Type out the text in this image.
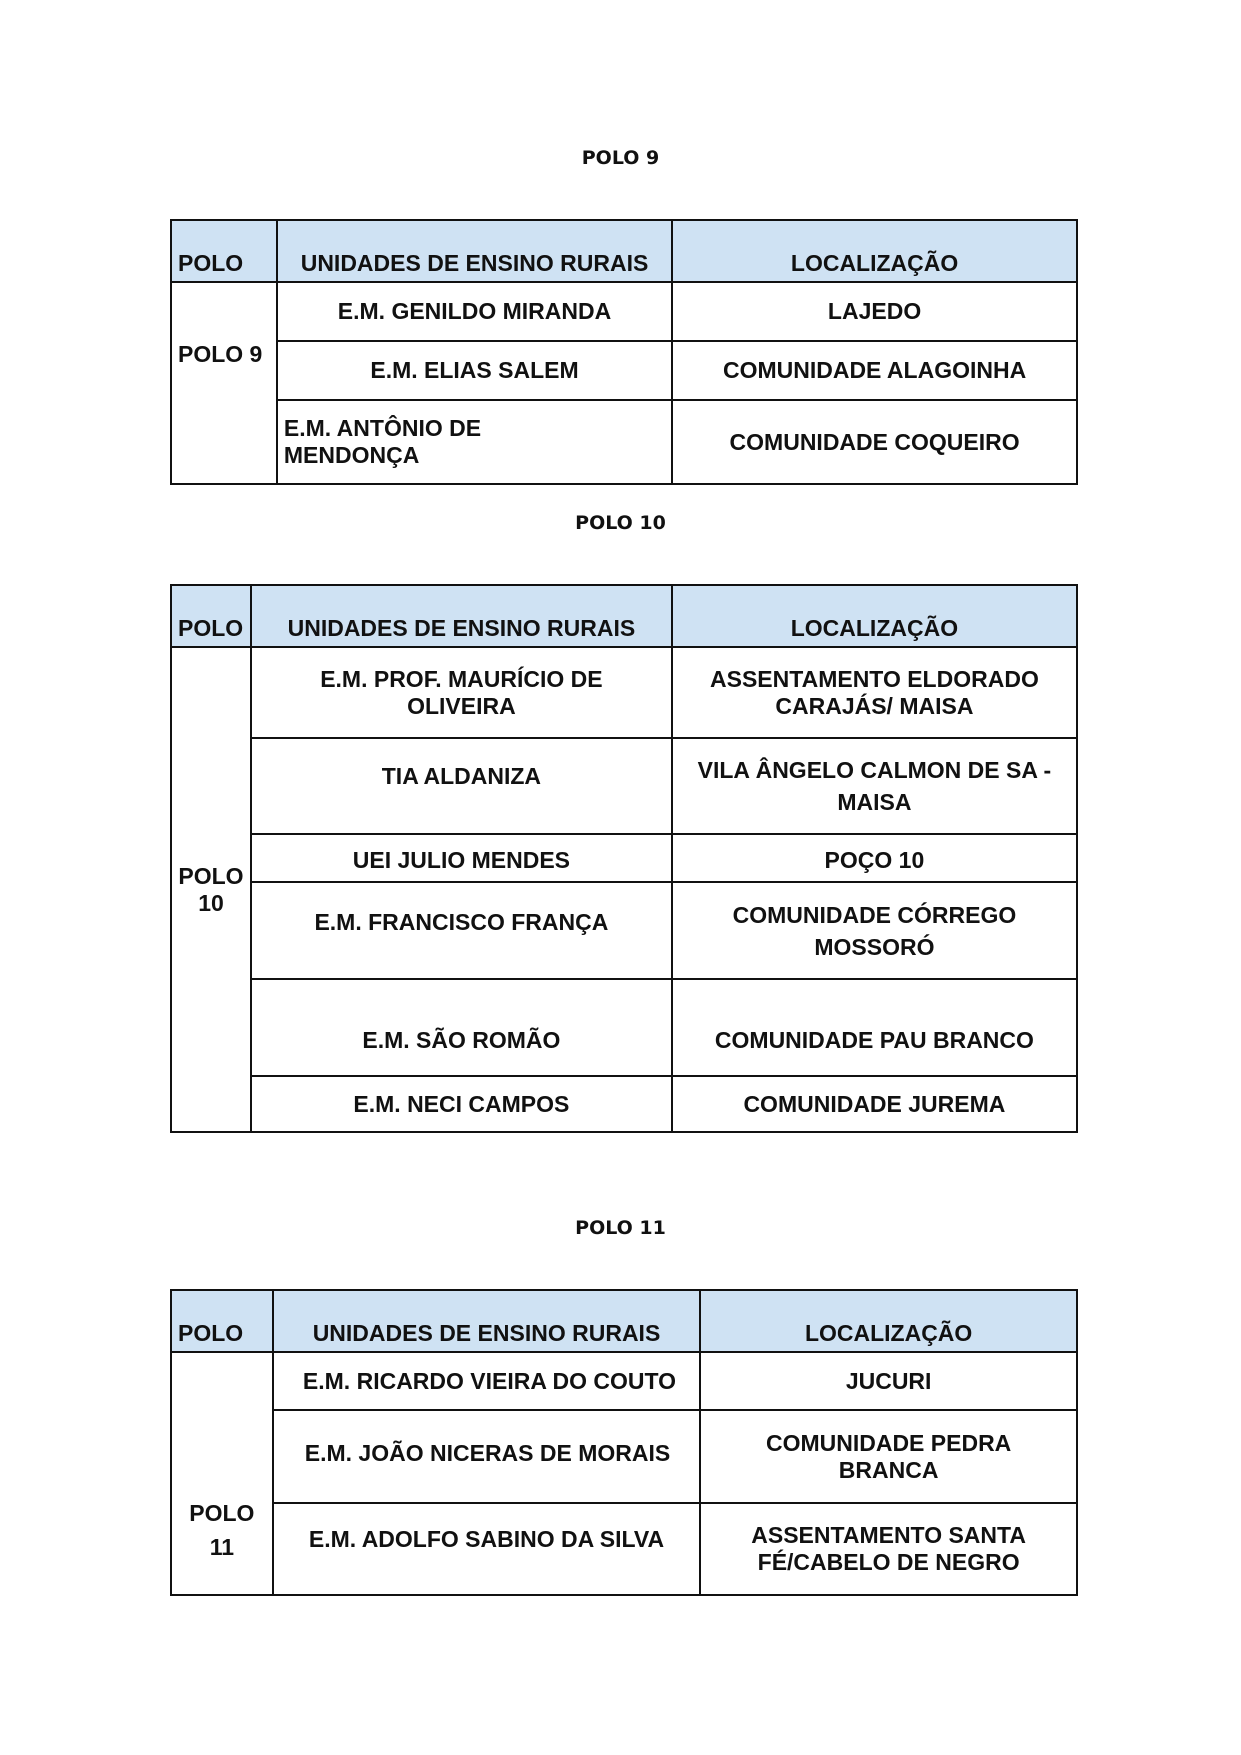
POLO 9
POLO	UNIDADES DE ENSINO RURAIS	LOCALIZAÇÃO
POLO 9	E.M. GENILDO MIRANDA	LAJEDO
	E.M. ELIAS SALEM	COMUNIDADE ALAGOINHA
	E.M. ANTÔNIO DE MENDONÇA	COMUNIDADE COQUEIRO
POLO 10
POLO	UNIDADES DE ENSINO RURAIS	LOCALIZAÇÃO
POLO 10	E.M. PROF. MAURÍCIO DE OLIVEIRA	ASSENTAMENTO ELDORADO CARAJÁS/ MAISA
	TIA ALDANIZA	VILA ÂNGELO CALMON DE SA - MAISA
	UEI JULIO MENDES	POÇO 10
	E.M. FRANCISCO FRANÇA	COMUNIDADE CÓRREGO MOSSORÓ
	E.M. SÃO ROMÃO	COMUNIDADE PAU BRANCO
	E.M. NECI CAMPOS	COMUNIDADE JUREMA
POLO 11
POLO	UNIDADES DE ENSINO RURAIS	LOCALIZAÇÃO
POLO 11	E.M. RICARDO VIEIRA DO COUTO	JUCURI
	E.M. JOÃO NICERAS DE MORAIS	COMUNIDADE PEDRA BRANCA
	E.M. ADOLFO SABINO DA SILVA	ASSENTAMENTO SANTA FÉ/CABELO DE NEGRO
